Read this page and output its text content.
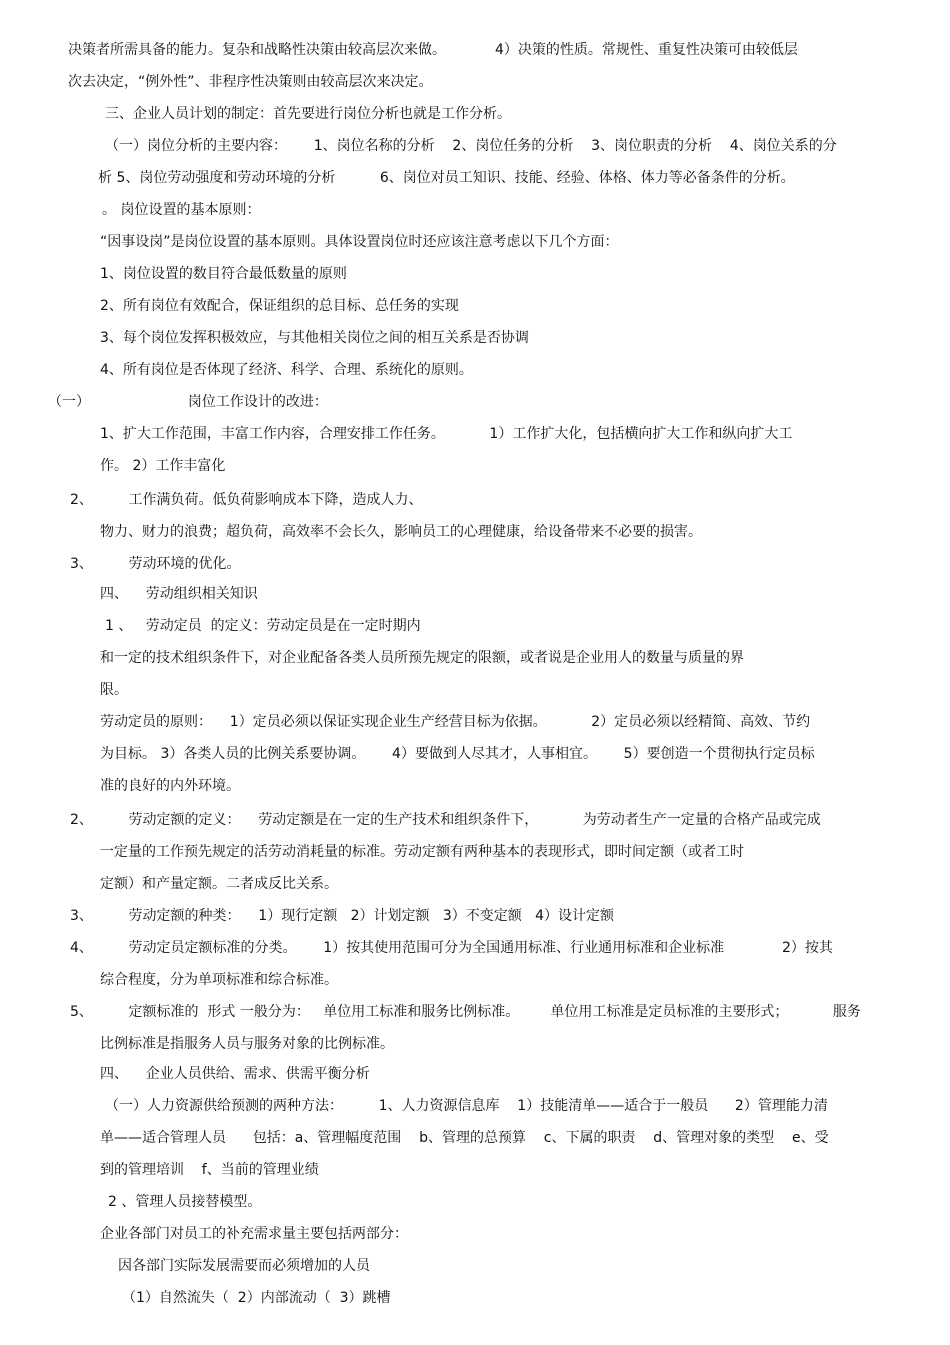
决策者所需具备的能力。复杂和战略性决策由较高层次来做。           4）决策的性质。常规性、重复性决策可由较低层
次去决定，“例外性”、非程序性决策则由较高层次来决定。
三、企业人员计划的制定：首先要进行岗位分析也就是工作分析。
（一）岗位分析的主要内容：      1、岗位名称的分析    2、岗位任务的分析    3、岗位职责的分析    4、岗位关系的分
析 5、岗位劳动强度和劳动环境的分析          6、岗位对员工知识、技能、经验、体格、体力等必备条件的分析。
。 岗位设置的基本原则：
“因事设岗”是岗位设置的基本原则。具体设置岗位时还应该注意考虑以下几个方面：
1、岗位设置的数目符合最低数量的原则
2、所有岗位有效配合，保证组织的总目标、总任务的实现
3、每个岗位发挥积极效应，与其他相关岗位之间的相互关系是否协调
4、所有岗位是否体现了经济、科学、合理、系统化的原则。
（一）                      岗位工作设计的改进：
1、扩大工作范围，丰富工作内容，合理安排工作任务。          1）工作扩大化，包括横向扩大工作和纵向扩大工
作。 2）工作丰富化
2、        工作满负荷。低负荷影响成本下降，造成人力、
物力、财力的浪费；超负荷，高效率不会长久，影响员工的心理健康，给设备带来不必要的损害。
3、        劳动环境的优化。
四、    劳动组织相关知识
1 、   劳动定员  的定义：劳动定员是在一定时期内
和一定的技术组织条件下，对企业配备各类人员所预先规定的限额，或者说是企业用人的数量与质量的界
限。
劳动定员的原则：    1）定员必须以保证实现企业生产经营目标为依据。          2）定员必须以经精简、高效、节约
为目标。 3）各类人员的比例关系要协调。      4）要做到人尽其才，人事相宜。      5）要创造一个贯彻执行定员标
准的良好的内外环境。
2、        劳动定额的定义：    劳动定额是在一定的生产技术和组织条件下，          为劳动者生产一定量的合格产品或完成
一定量的工作预先规定的活劳动消耗量的标准。劳动定额有两种基本的表现形式，即时间定额（或者工时
定额）和产量定额。二者成反比关系。
3、        劳动定额的种类：    1）现行定额   2）计划定额   3）不变定额   4）设计定额
4、        劳动定员定额标准的分类。      1）按其使用范围可分为全国通用标准、行业通用标准和企业标准             2）按其
综合程度，分为单项标准和综合标准。
5、        定额标准的  形式 一般分为：   单位用工标准和服务比例标准。       单位用工标准是定员标准的主要形式；          服务
比例标准是指服务人员与服务对象的比例标准。
四、    企业人员供给、需求、供需平衡分析
（一）人力资源供给预测的两种方法：        1、人力资源信息库    1）技能清单——适合于一般员      2）管理能力清
单——适合管理人员      包括：a、管理幅度范围    b、管理的总预算    c、下属的职责    d、管理对象的类型    e、受
到的管理培训    f、当前的管理业绩
2 、管理人员接替模型。
企业各部门对员工的补充需求量主要包括两部分：
因各部门实际发展需要而必须增加的人员
（1）自然流失（  2）内部流动（  3）跳槽
